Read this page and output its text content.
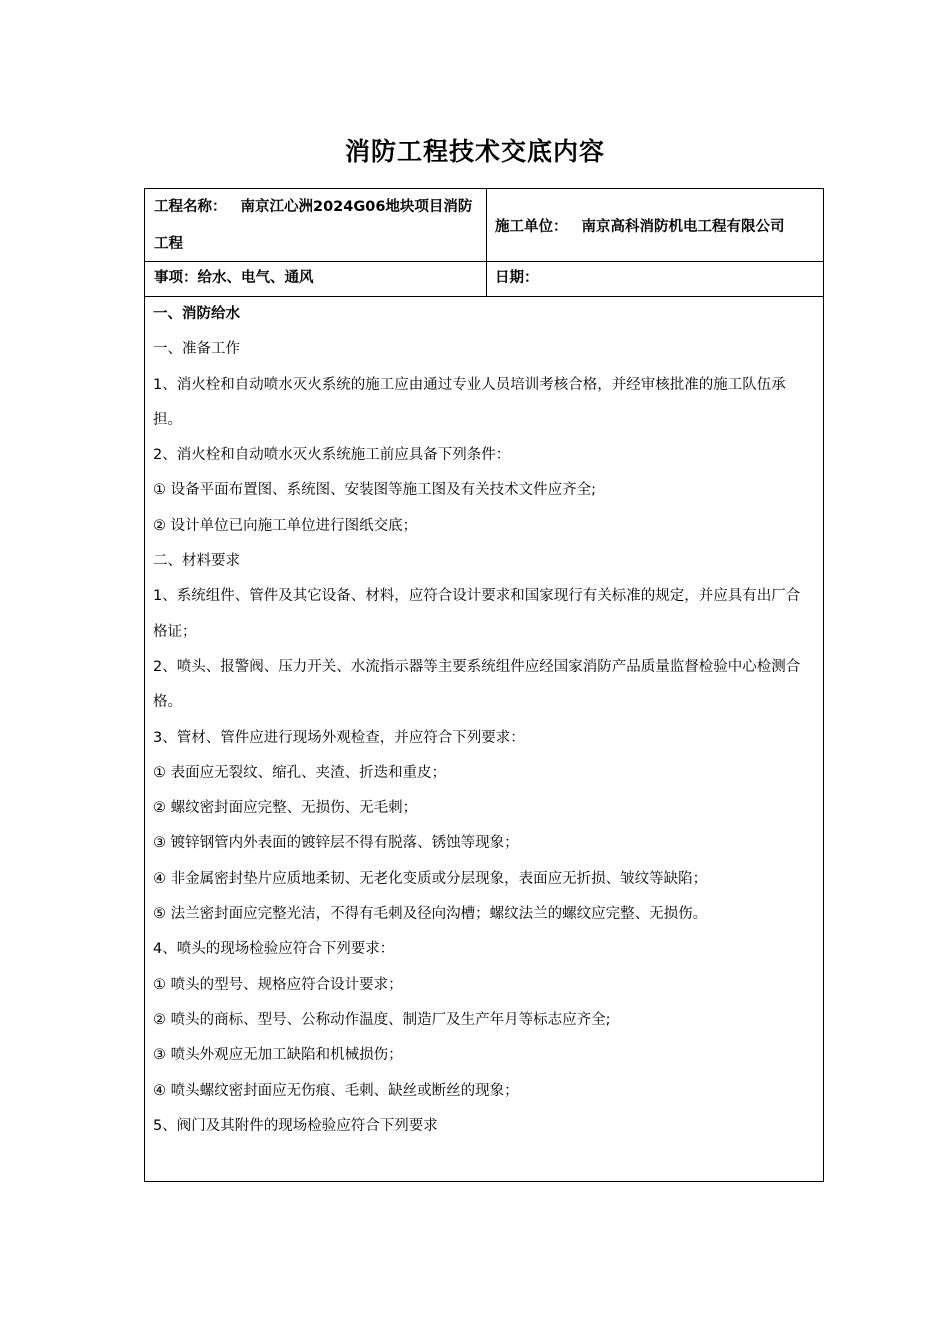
消防工程技术交底内容
工程名称： 南京江心洲2024G06地块项目消防工程
施工单位： 南京高科消防机电工程有限公司
事项：给水、电气、通风	日期：

一、消防给水

一、准备工作

1、消火栓和自动喷水灭火系统的施工应由通过专业人员培训考核合格，并经审核批准的施工队伍承担。

2、消火栓和自动喷水灭火系统施工前应具备下列条件：

① 设备平面布置图、系统图、安装图等施工图及有关技术文件应齐全;

② 设计单位已向施工单位进行图纸交底；

二、材料要求

1、系统组件、管件及其它设备、材料，应符合设计要求和国家现行有关标准的规定，并应具有出厂合格证；

2、喷头、报警阀、压力开关、水流指示器等主要系统组件应经国家消防产品质量监督检验中心检测合格。

3、管材、管件应进行现场外观检查，并应符合下列要求：

① 表面应无裂纹、缩孔、夹渣、折迭和重皮；

② 螺纹密封面应完整、无损伤、无毛刺；

③ 镀锌钢管内外表面的镀锌层不得有脱落、锈蚀等现象；

④ 非金属密封垫片应质地柔韧、无老化变质或分层现象，表面应无折损、皱纹等缺陷；

⑤ 法兰密封面应完整光洁，不得有毛刺及径向沟槽；螺纹法兰的螺纹应完整、无损伤。

4、喷头的现场检验应符合下列要求：

① 喷头的型号、规格应符合设计要求；

② 喷头的商标、型号、公称动作温度、制造厂及生产年月等标志应齐全;

③ 喷头外观应无加工缺陷和机械损伤；

④ 喷头螺纹密封面应无伤痕、毛刺、缺丝或断丝的现象；

5、阀门及其附件的现场检验应符合下列要求
